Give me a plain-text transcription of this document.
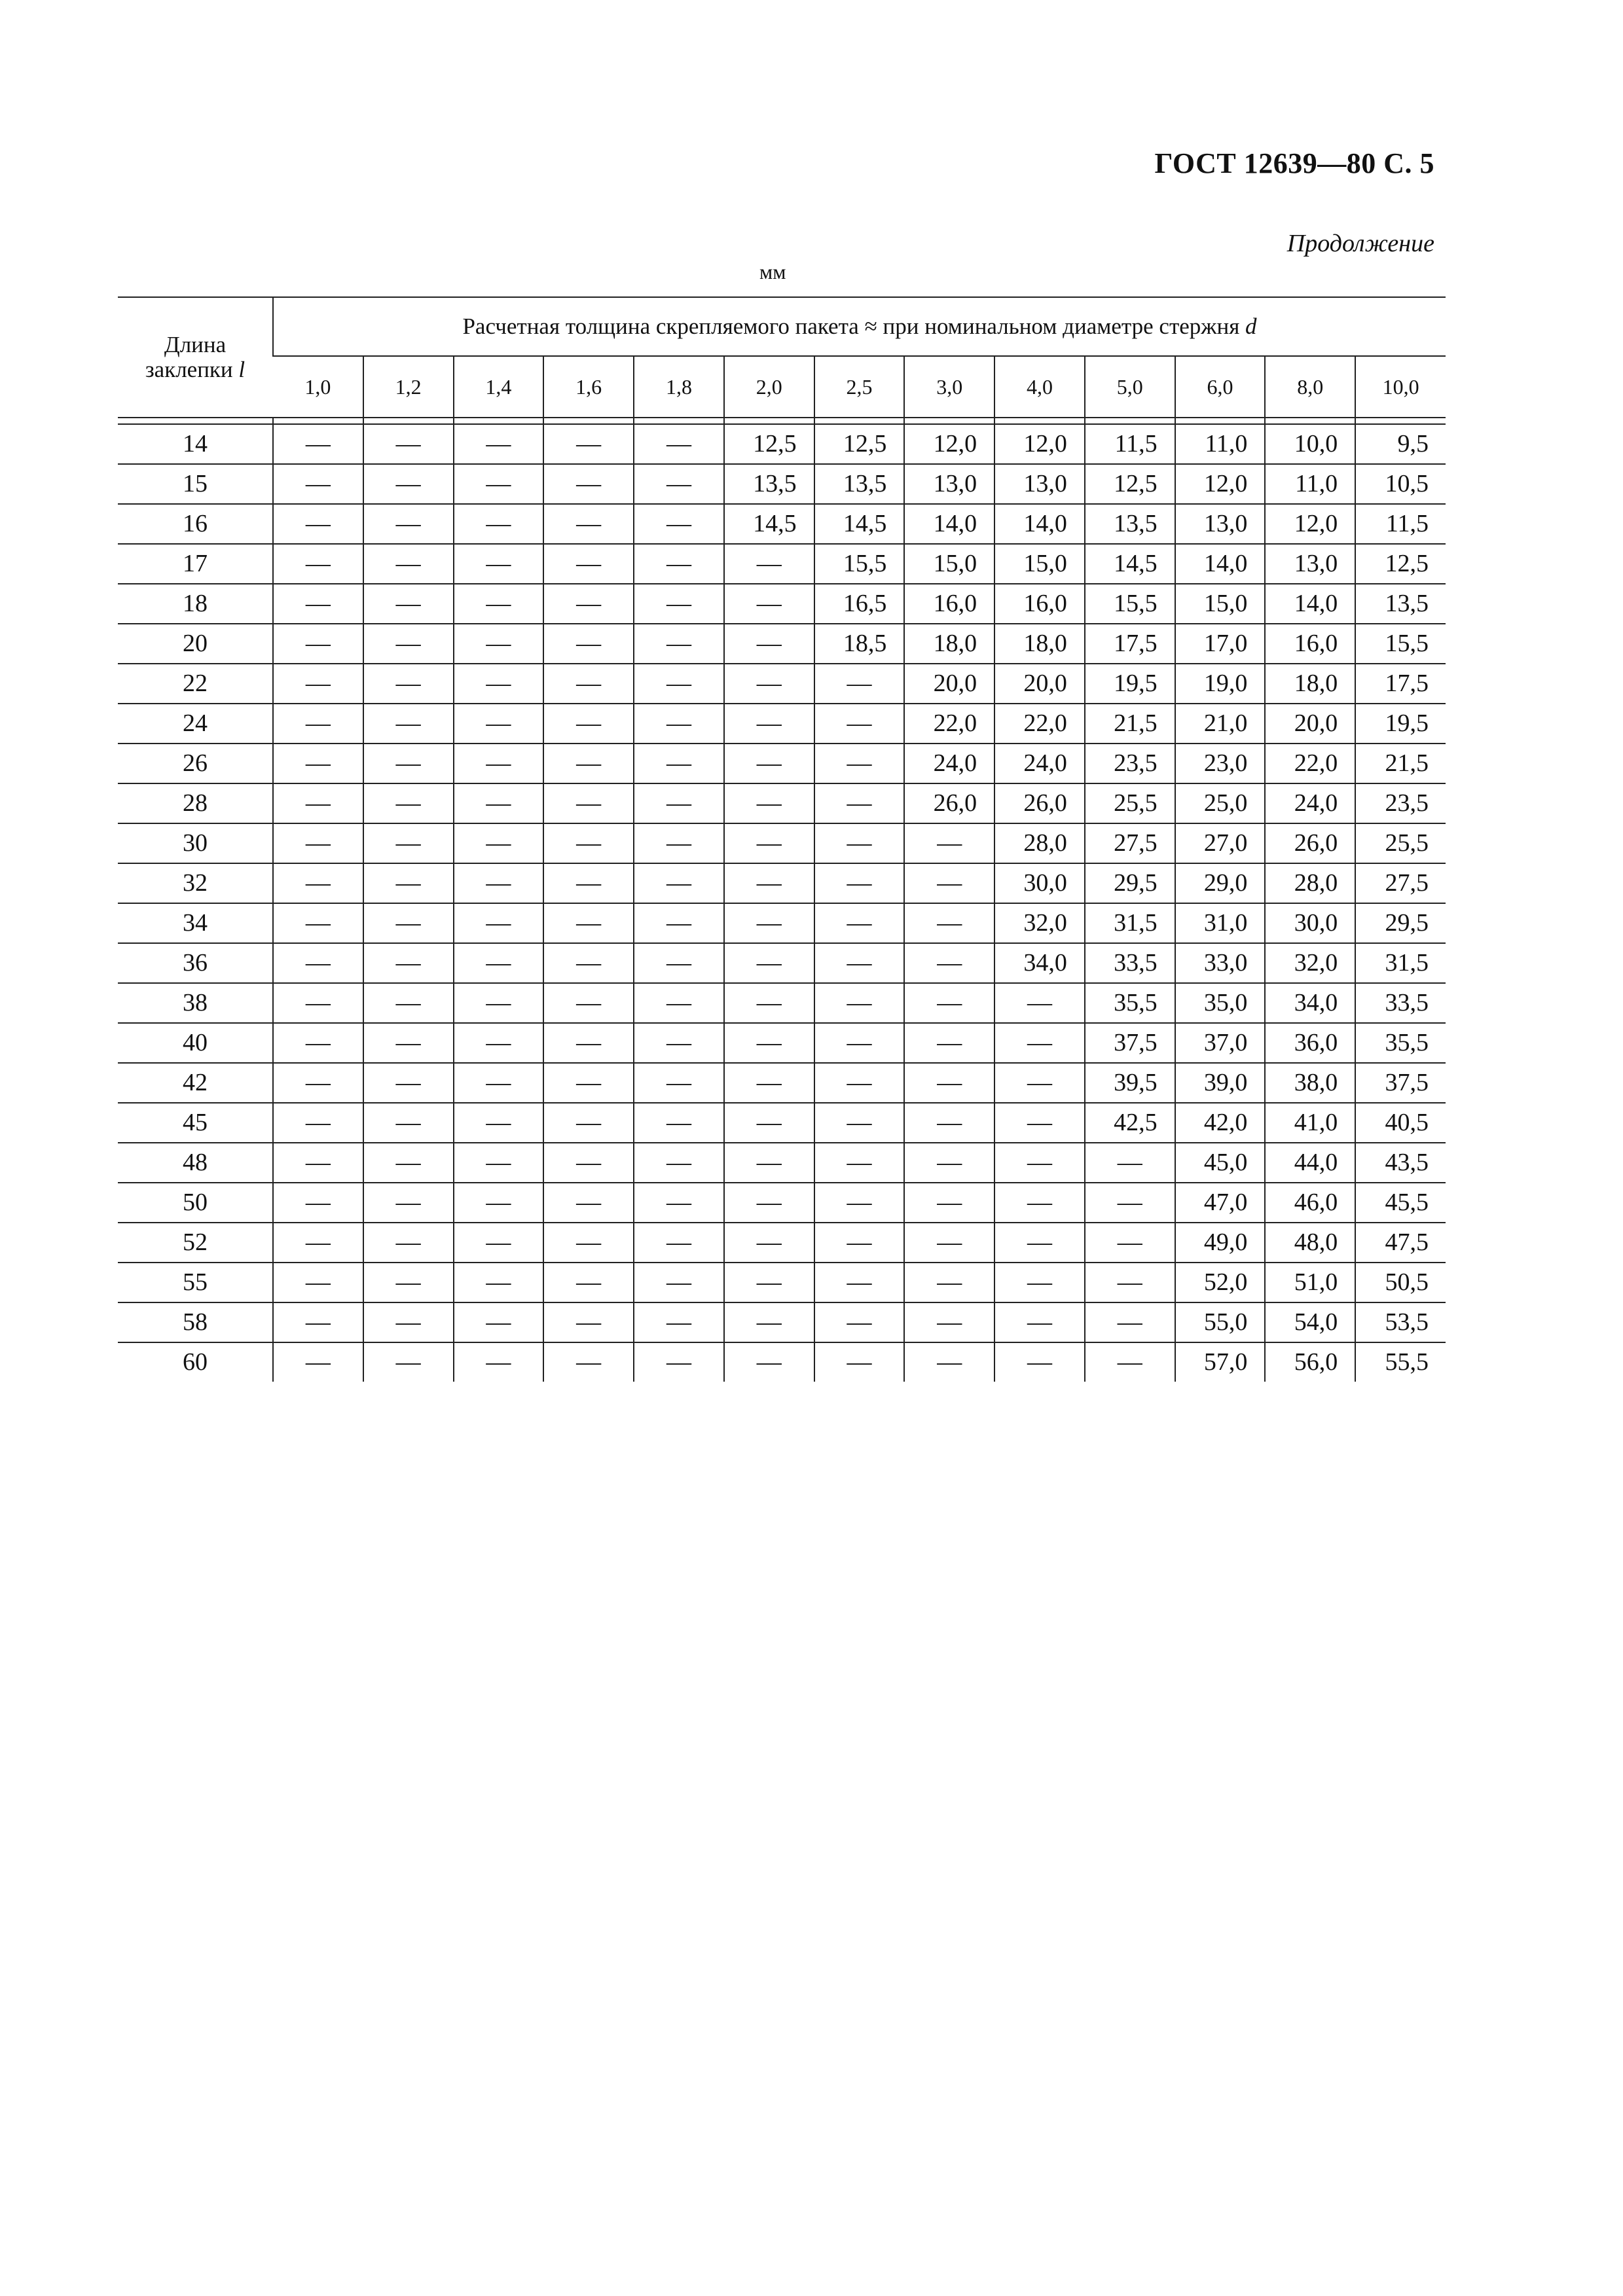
ГОСТ 12639—80 С. 5
Продолжение
мм
Длина
заклепки l	Расчетная толщина скрепляемого пакета ≈ при номинальном диаметре стержня d												
	1,0	1,2	1,4	1,6	1,8	2,0	2,5	3,0	4,0	5,0	6,0	8,0	10,0

14	—	—	—	—	—	12,5	12,5	12,0	12,0	11,5	11,0	10,0	9,5
15	—	—	—	—	—	13,5	13,5	13,0	13,0	12,5	12,0	11,0	10,5
16	—	—	—	—	—	14,5	14,5	14,0	14,0	13,5	13,0	12,0	11,5
17	—	—	—	—	—	—	15,5	15,0	15,0	14,5	14,0	13,0	12,5
18	—	—	—	—	—	—	16,5	16,0	16,0	15,5	15,0	14,0	13,5
20	—	—	—	—	—	—	18,5	18,0	18,0	17,5	17,0	16,0	15,5
22	—	—	—	—	—	—	—	20,0	20,0	19,5	19,0	18,0	17,5
24	—	—	—	—	—	—	—	22,0	22,0	21,5	21,0	20,0	19,5
26	—	—	—	—	—	—	—	24,0	24,0	23,5	23,0	22,0	21,5
28	—	—	—	—	—	—	—	26,0	26,0	25,5	25,0	24,0	23,5
30	—	—	—	—	—	—	—	—	28,0	27,5	27,0	26,0	25,5
32	—	—	—	—	—	—	—	—	30,0	29,5	29,0	28,0	27,5
34	—	—	—	—	—	—	—	—	32,0	31,5	31,0	30,0	29,5
36	—	—	—	—	—	—	—	—	34,0	33,5	33,0	32,0	31,5
38	—	—	—	—	—	—	—	—	—	35,5	35,0	34,0	33,5
40	—	—	—	—	—	—	—	—	—	37,5	37,0	36,0	35,5
42	—	—	—	—	—	—	—	—	—	39,5	39,0	38,0	37,5
45	—	—	—	—	—	—	—	—	—	42,5	42,0	41,0	40,5
48	—	—	—	—	—	—	—	—	—	—	45,0	44,0	43,5
50	—	—	—	—	—	—	—	—	—	—	47,0	46,0	45,5
52	—	—	—	—	—	—	—	—	—	—	49,0	48,0	47,5
55	—	—	—	—	—	—	—	—	—	—	52,0	51,0	50,5
58	—	—	—	—	—	—	—	—	—	—	55,0	54,0	53,5
60	—	—	—	—	—	—	—	—	—	—	57,0	56,0	55,5
